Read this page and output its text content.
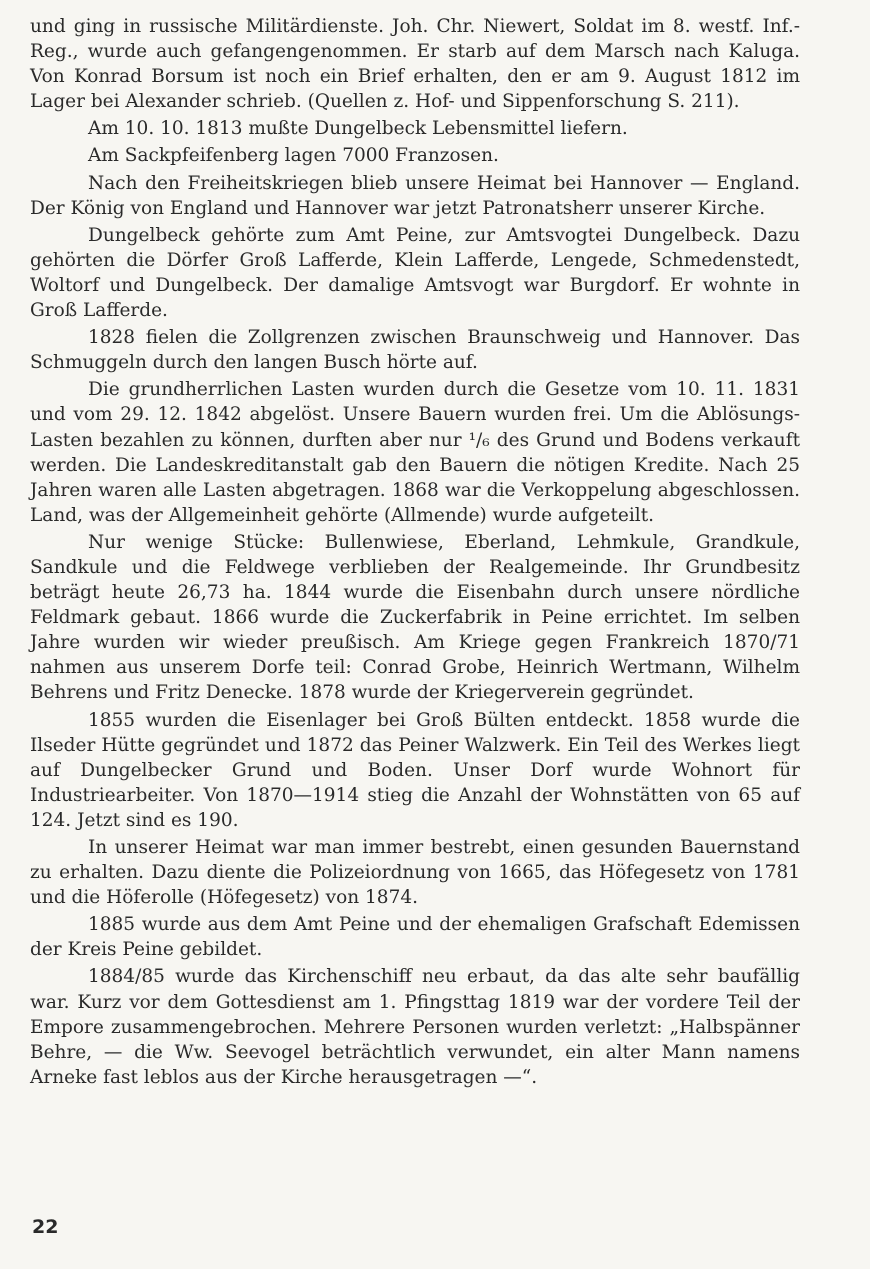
und ging in russische Militärdienste. Joh. Chr. Niewert, Soldat im 8. westf. Inf.-Reg., wurde auch gefangengenommen. Er starb auf dem Marsch nach Kaluga. Von Konrad Borsum ist noch ein Brief erhalten, den er am 9. August 1812 im Lager bei Alexander schrieb. (Quellen z. Hof- und Sippenforschung S. 211).

Am 10. 10. 1813 mußte Dungelbeck Lebensmittel liefern.

Am Sackpfeifenberg lagen 7000 Franzosen.

Nach den Freiheitskriegen blieb unsere Heimat bei Hannover — England. Der König von England und Hannover war jetzt Patronatsherr unserer Kirche.

Dungelbeck gehörte zum Amt Peine, zur Amtsvogtei Dungelbeck. Dazu gehörten die Dörfer Groß Lafferde, Klein Lafferde, Lengede, Schmedenstedt, Woltorf und Dungelbeck. Der damalige Amtsvogt war Burgdorf. Er wohnte in Groß Lafferde.

1828 fielen die Zollgrenzen zwischen Braunschweig und Hannover. Das Schmuggeln durch den langen Busch hörte auf.

Die grundherrlichen Lasten wurden durch die Gesetze vom 10. 11. 1831 und vom 29. 12. 1842 abgelöst. Unsere Bauern wurden frei. Um die Ablösungs-Lasten bezahlen zu können, durften aber nur ¹/₆ des Grund und Bodens verkauft werden. Die Landeskreditanstalt gab den Bauern die nötigen Kredite. Nach 25 Jahren waren alle Lasten abgetragen. 1868 war die Verkoppelung abgeschlossen. Land, was der Allgemeinheit gehörte (Allmende) wurde aufgeteilt.

Nur wenige Stücke: Bullenwiese, Eberland, Lehmkule, Grandkule, Sandkule und die Feldwege verblieben der Realgemeinde. Ihr Grundbesitz beträgt heute 26,73 ha. 1844 wurde die Eisenbahn durch unsere nördliche Feldmark gebaut. 1866 wurde die Zuckerfabrik in Peine errichtet. Im selben Jahre wurden wir wieder preußisch. Am Kriege gegen Frankreich 1870/71 nahmen aus unserem Dorfe teil: Conrad Grobe, Heinrich Wertmann, Wilhelm Behrens und Fritz Denecke. 1878 wurde der Kriegerverein gegründet.

1855 wurden die Eisenlager bei Groß Bülten entdeckt. 1858 wurde die Ilseder Hütte gegründet und 1872 das Peiner Walzwerk. Ein Teil des Werkes liegt auf Dungelbecker Grund und Boden. Unser Dorf wurde Wohnort für Industriearbeiter. Von 1870—1914 stieg die Anzahl der Wohnstätten von 65 auf 124. Jetzt sind es 190.

In unserer Heimat war man immer bestrebt, einen gesunden Bauernstand zu erhalten. Dazu diente die Polizeiordnung von 1665, das Höfegesetz von 1781 und die Höferolle (Höfegesetz) von 1874.

1885 wurde aus dem Amt Peine und der ehemaligen Grafschaft Edemissen der Kreis Peine gebildet.

1884/85 wurde das Kirchenschiff neu erbaut, da das alte sehr baufällig war. Kurz vor dem Gottesdienst am 1. Pfingsttag 1819 war der vordere Teil der Empore zusammengebrochen. Mehrere Personen wurden verletzt: „Halbspänner Behre, — die Ww. Seevogel beträchtlich verwundet, ein alter Mann namens Arneke fast leblos aus der Kirche herausgetragen —“.

22
